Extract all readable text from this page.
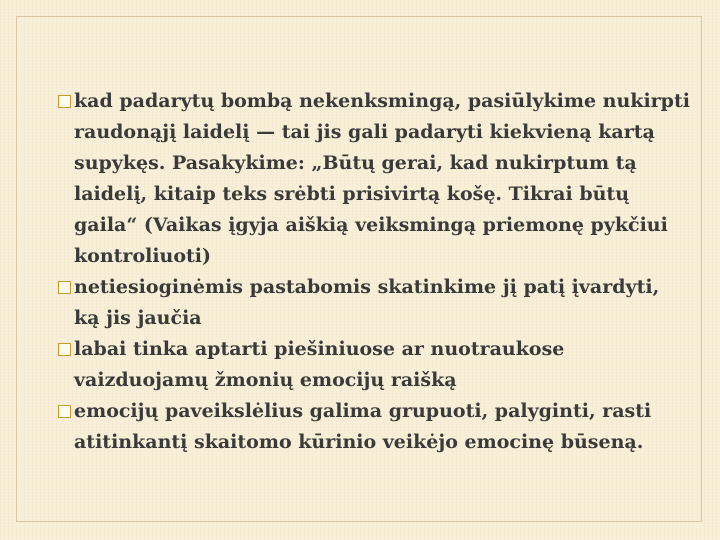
kad padarytų bombą nekenksmingą, pasiūlykime nukirpti raudonąjį laidelį — tai jis gali padaryti kiekvieną kartą supykęs. Pasakykime: „Būtų gerai, kad nukirptum tą laidelį, kitaip teks srėbti prisivirtą košę. Tikrai būtų gaila“ (Vaikas įgyja aiškią veiksmingą priemonę pykčiui kontroliuoti)
netiesioginėmis pastabomis skatinkime jį patį įvardyti, ką jis jaučia
labai tinka aptarti piešiniuose ar nuotraukose vaizduojamų žmonių emocijų raišką
emocijų paveikslėlius galima grupuoti, palyginti, rasti atitinkantį skaitomo kūrinio veikėjo emocinę būseną.
